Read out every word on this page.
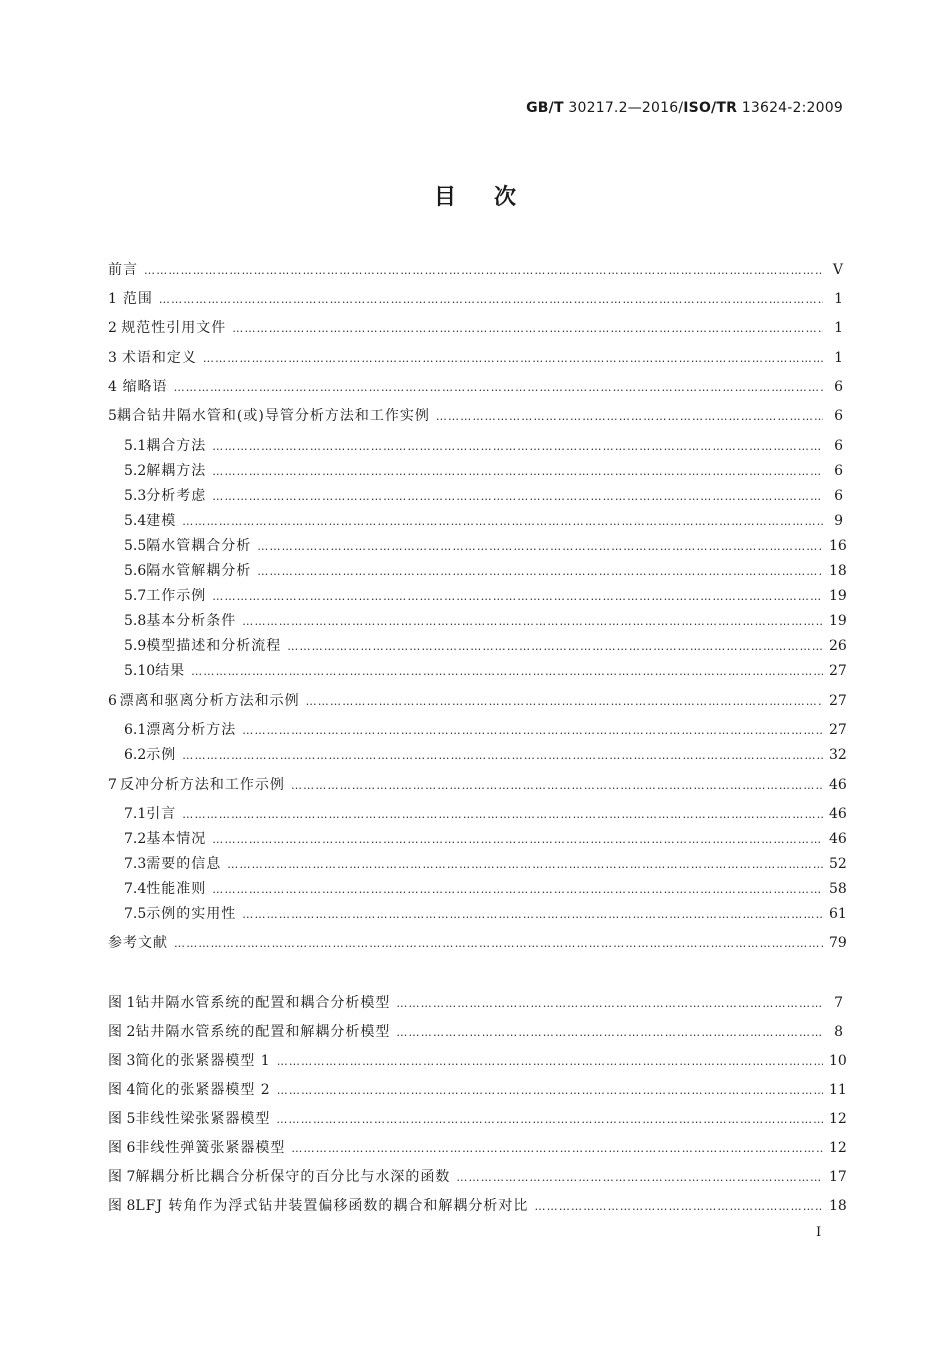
GB/T 30217.2—2016/ISO/TR 13624-2:2009
目次
前言 ……………………………………………………………………………………………………………………………………………………………………………………………………………………………………………………………	Ⅴ
1 范围 ……………………………………………………………………………………………………………………………………………………………………………………………………………………………………………………………	1
2 规范性引用文件 ……………………………………………………………………………………………………………………………………………………………………………………………………………………………………………………………	1
3 术语和定义 ……………………………………………………………………………………………………………………………………………………………………………………………………………………………………………………………	1
4 缩略语 ……………………………………………………………………………………………………………………………………………………………………………………………………………………………………………………………	6
5 耦合钻井隔水管和(或)导管分析方法和工作实例 ……………………………………………………………………………………………………………………………………………………………………………………………………………………………………………………………	6
5.1 耦合方法 ……………………………………………………………………………………………………………………………………………………………………………………………………………………………………………………………	6
5.2 解耦方法 ……………………………………………………………………………………………………………………………………………………………………………………………………………………………………………………………	6
5.3 分析考虑 ……………………………………………………………………………………………………………………………………………………………………………………………………………………………………………………………	6
5.4 建模 ……………………………………………………………………………………………………………………………………………………………………………………………………………………………………………………………	9
5.5 隔水管耦合分析 ……………………………………………………………………………………………………………………………………………………………………………………………………………………………………………………………	16
5.6 隔水管解耦分析 ……………………………………………………………………………………………………………………………………………………………………………………………………………………………………………………………	18
5.7 工作示例 ……………………………………………………………………………………………………………………………………………………………………………………………………………………………………………………………	19
5.8 基本分析条件 ……………………………………………………………………………………………………………………………………………………………………………………………………………………………………………………………	19
5.9 模型描述和分析流程 ……………………………………………………………………………………………………………………………………………………………………………………………………………………………………………………………	26
5.10 结果 ……………………………………………………………………………………………………………………………………………………………………………………………………………………………………………………………	27
6 漂离和驱离分析方法和示例 ……………………………………………………………………………………………………………………………………………………………………………………………………………………………………………………………	27
6.1 漂离分析方法 ……………………………………………………………………………………………………………………………………………………………………………………………………………………………………………………………	27
6.2 示例 ……………………………………………………………………………………………………………………………………………………………………………………………………………………………………………………………	32
7 反冲分析方法和工作示例 ……………………………………………………………………………………………………………………………………………………………………………………………………………………………………………………………	46
7.1 引言 ……………………………………………………………………………………………………………………………………………………………………………………………………………………………………………………………	46
7.2 基本情况 ……………………………………………………………………………………………………………………………………………………………………………………………………………………………………………………………	46
7.3 需要的信息 ……………………………………………………………………………………………………………………………………………………………………………………………………………………………………………………………	52
7.4 性能准则 ……………………………………………………………………………………………………………………………………………………………………………………………………………………………………………………………	58
7.5 示例的实用性 ……………………………………………………………………………………………………………………………………………………………………………………………………………………………………………………………	61
参考文献 ……………………………………………………………………………………………………………………………………………………………………………………………………………………………………………………………	79
图 1 钻井隔水管系统的配置和耦合分析模型 ……………………………………………………………………………………………………………………………………………………………………………………………………………………………………………………………	7
图 2 钻井隔水管系统的配置和解耦分析模型 ……………………………………………………………………………………………………………………………………………………………………………………………………………………………………………………………	8
图 3 简化的张紧器模型 1 ……………………………………………………………………………………………………………………………………………………………………………………………………………………………………………………………	10
图 4 简化的张紧器模型 2 ……………………………………………………………………………………………………………………………………………………………………………………………………………………………………………………………	11
图 5 非线性梁张紧器模型 ……………………………………………………………………………………………………………………………………………………………………………………………………………………………………………………………	12
图 6 非线性弹簧张紧器模型 ……………………………………………………………………………………………………………………………………………………………………………………………………………………………………………………………	12
图 7 解耦分析比耦合分析保守的百分比与水深的函数 ……………………………………………………………………………………………………………………………………………………………………………………………………………………………………………………………	17
图 8 LFJ 转角作为浮式钻井装置偏移函数的耦合和解耦分析对比 ……………………………………………………………………………………………………………………………………………………………………………………………………………………………………………………………	18
Ⅰ
